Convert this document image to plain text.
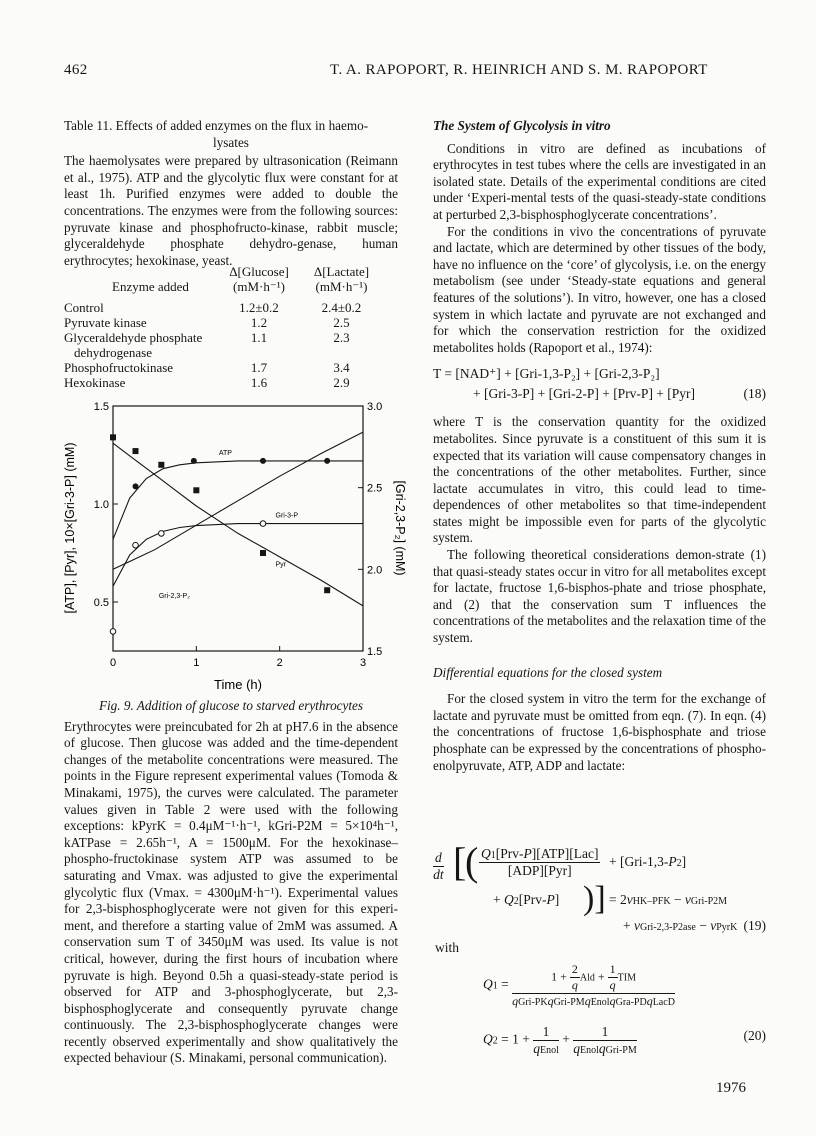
462	T. A. RAPOPORT, R. HEINRICH AND S. M. RAPOPORT
Table 11. Effects of added enzymes on the flux in haemo-

lysates

The haemolysates were prepared by ultrasonication (Reimann et al., 1975). ATP and the glycolytic flux were constant for at least 1h. Purified enzymes were added to double the concentrations. The enzymes were from the following sources: pyruvate kinase and phosphofructo-kinase, rabbit muscle; glyceraldehyde phosphate dehydro-genase, human erythrocytes; hexokinase, yeast.

	Δ[Glucose]	Δ[Lactate]
Enzyme added	(mM·h⁻¹)	(mM·h⁻¹)

Control	1.2±0.2	2.4±0.2
Pyruvate kinase	1.2	2.5
Glyceraldehyde phosphate
dehydrogenase	1.1	2.3
Phosphofructokinase	1.7	3.4
Hexokinase	1.6	2.9
0	1	2	3
0.5
1.0
1.5
1.5
2.0
2.5
3.0
ATP
Gri-3-P
Pyr
Gri-2,3-P₂
Time (h)
[ATP], [Pyr], 10×[Gri-3-P] (mM)	[Gri-2,3-P₂] (mM)
Fig. 9. Addition of glucose to starved erythrocytes

Erythrocytes were preincubated for 2h at pH7.6 in the absence of glucose. Then glucose was added and the time-dependent changes of the metabolite concentrations were measured. The points in the Figure represent experimental values (Tomoda & Minakami, 1975), the curves were calculated. The parameter values given in Table 2 were used with the following exceptions: kPyrK = 0.4μM⁻¹·h⁻¹, kGri-P2M = 5×10⁴h⁻¹, kATPase = 2.65h⁻¹, A = 1500μM. For the hexokinase–phospho-fructokinase system ATP was assumed to be saturating and Vmax. was adjusted to give the experimental glycolytic flux (Vmax. = 4300μM·h⁻¹). Experimental values for 2,3-bisphosphoglycerate were not given for this experi-ment, and therefore a starting value of 2mM was assumed. A conservation sum T of 3450μM was used. Its value is not critical, however, during the first hours of incubation where pyruvate is high. Beyond 0.5h a quasi-steady-state period is observed for ATP and 3-phosphoglycerate, but 2,3-bisphosphoglycerate and consequently pyruvate change continuously. The 2,3-bisphosphoglycerate changes were recently observed experimentally and show qualitatively the expected behaviour (S. Minakami, personal communication).

The System of Glycolysis in vitro

Conditions in vitro are defined as incubations of erythrocytes in test tubes where the cells are investigated in an isolated state. Details of the experimental conditions are cited under ‘Experi-mental tests of the quasi-steady-state conditions at perturbed 2,3-bisphosphoglycerate concentrations’.

For the conditions in vivo the concentrations of pyruvate and lactate, which are determined by other tissues of the body, have no influence on the ‘core’ of glycolysis, i.e. on the energy metabolism (see under ‘Steady-state equations and general features of the solutions’). In vitro, however, one has a closed system in which lactate and pyruvate are not exchanged and for which the conservation restriction for the oxidized metabolites holds (Rapoport et al., 1974):

T = [NAD⁺] + [Gri-1,3-P₂] + [Gri-2,3-P₂]
+ [Gri-3-P] + [Gri-2-P] + [Prv-P] + [Pyr]	(18)

where T is the conservation quantity for the oxidized metabolites. Since pyruvate is a constituent of this sum it is expected that its variation will cause compensatory changes in the concentrations of the other metabolites. Further, since lactate accumulates in vitro, this could lead to time-dependences of other metabolites so that time-independent states might be impossible even for parts of the glycolytic system.

The following theoretical considerations demon-strate (1) that quasi-steady states occur in vitro for all metabolites except for lactate, fructose 1,6-bisphos-phate and triose phosphate, and (2) that the conservation sum T influences the concentrations of the metabolites and the relaxation time of the system.

Differential equations for the closed system

For the closed system in vitro the term for the exchange of lactate and pyruvate must be omitted from eqn. (7). In eqn. (4) the concentrations of fructose 1,6-bisphosphate and triose phosphate can be expressed by the concentrations of phospho-enolpyruvate, ATP, ADP and lactate:

$\frac{d}{dt}$ [
( $\frac{\text{Q1[Prv-P][ATP][Lac]}}{\text{[ADP][Pyr]}} + [Gri-1,3-P2]$
+ Q2[Prv-P] )] = 2vHK–PFK − vGri-P2M
+ vGri-2,3-P2ase − vPyrK (19)
with
$Q1 = \frac{1 + \frac{2}{q} Ald + \frac{1}{q} TIM}{\text{qGri-PKqGri-PMqEnolqGra-PDqLacD}}$
$Q2 = 1 + \frac{1}{\text{qEnol}} + \frac{1}{\text{qEnolqGri-PM}}$	(20)
1976
